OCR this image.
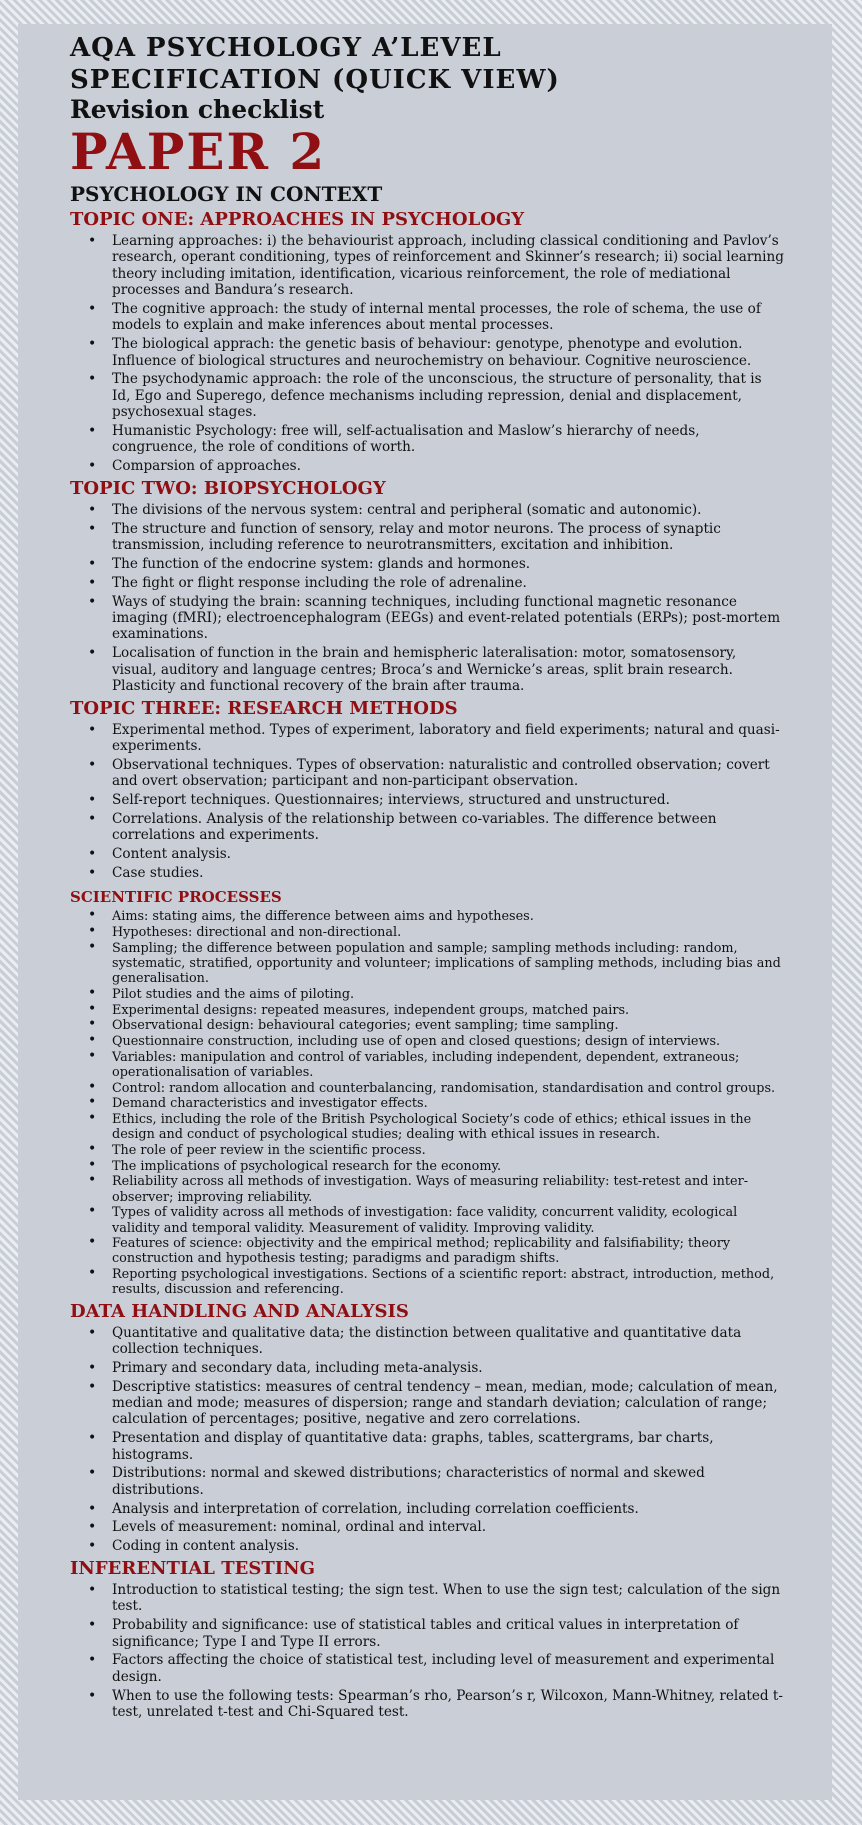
AQA PSYCHOLOGY A’LEVEL
SPECIFICATION (QUICK VIEW)
Revision checklist
PAPER 2
PSYCHOLOGY IN CONTEXT
TOPIC ONE: APPROACHES IN PSYCHOLOGY
• Learning approaches: i) the behaviourist approach, including classical conditioning and Pavlov’s research, operant conditioning, types of reinforcement and Skinner’s research; ii) social learning theory including imitation, identification, vicarious reinforcement, the role of mediational processes and Bandura’s research.
• The cognitive approach: the study of internal mental processes, the role of schema, the use of models to explain and make inferences about mental processes.
• The biological apprach: the genetic basis of behaviour: genotype, phenotype and evolution. Influence of biological structures and neurochemistry on behaviour. Cognitive neuroscience.
• The psychodynamic approach: the role of the unconscious, the structure of personality, that is Id, Ego and Superego, defence mechanisms including repression, denial and displacement, psychosexual stages.
• Humanistic Psychology: free will, self-actualisation and Maslow’s hierarchy of needs, congruence, the role of conditions of worth.
• Comparsion of approaches.
TOPIC TWO: BIOPSYCHOLOGY
• The divisions of the nervous system: central and peripheral (somatic and autonomic).
• The structure and function of sensory, relay and motor neurons. The process of synaptic transmission, including reference to neurotransmitters, excitation and inhibition.
• The function of the endocrine system: glands and hormones.
• The fight or flight response including the role of adrenaline.
• Ways of studying the brain: scanning techniques, including functional magnetic resonance imaging (fMRI); electroencephalogram (EEGs) and event-related potentials (ERPs); post-mortem examinations.
• Localisation of function in the brain and hemispheric lateralisation: motor, somatosensory, visual, auditory and language centres; Broca’s and Wernicke’s areas, split brain research. Plasticity and functional recovery of the brain after trauma.
TOPIC THREE: RESEARCH METHODS
• Experimental method. Types of experiment, laboratory and field experiments; natural and quasi-experiments.
• Observational techniques. Types of observation: naturalistic and controlled observation; covert and overt observation; participant and non-participant observation.
• Self-report techniques. Questionnaires; interviews, structured and unstructured.
• Correlations. Analysis of the relationship between co-variables. The difference between correlations and experiments.
• Content analysis.
• Case studies.
SCIENTIFIC PROCESSES
• Aims: stating aims, the difference between aims and hypotheses.
• Hypotheses: directional and non-directional.
• Sampling; the difference between population and sample; sampling methods including: random, systematic, stratified, opportunity and volunteer; implications of sampling methods, including bias and generalisation.
• Pilot studies and the aims of piloting.
• Experimental designs: repeated measures, independent groups, matched pairs.
• Observational design: behavioural categories; event sampling; time sampling.
• Questionnaire construction, including use of open and closed questions; design of interviews.
• Variables: manipulation and control of variables, including independent, dependent, extraneous; operationalisation of variables.
• Control: random allocation and counterbalancing, randomisation, standardisation and control groups.
• Demand characteristics and investigator effects.
• Ethics, including the role of the British Psychological Society’s code of ethics; ethical issues in the design and conduct of psychological studies; dealing with ethical issues in research.
• The role of peer review in the scientific process.
• The implications of psychological research for the economy.
• Reliability across all methods of investigation. Ways of measuring reliability: test-retest and inter-observer; improving reliability.
• Types of validity across all methods of investigation: face validity, concurrent validity, ecological validity and temporal validity. Measurement of validity. Improving validity.
• Features of science: objectivity and the empirical method; replicability and falsifiability; theory construction and hypothesis testing; paradigms and paradigm shifts.
• Reporting psychological investigations. Sections of a scientific report: abstract, introduction, method, results, discussion and referencing.
DATA HANDLING AND ANALYSIS
• Quantitative and qualitative data; the distinction between qualitative and quantitative data collection techniques.
• Primary and secondary data, including meta-analysis.
• Descriptive statistics: measures of central tendency – mean, median, mode; calculation of mean, median and mode; measures of dispersion; range and standarh deviation; calculation of range; calculation of percentages; positive, negative and zero correlations.
• Presentation and display of quantitative data: graphs, tables, scattergrams, bar charts, histograms.
• Distributions: normal and skewed distributions; characteristics of normal and skewed distributions.
• Analysis and interpretation of correlation, including correlation coefficients.
• Levels of measurement: nominal, ordinal and interval.
• Coding in content analysis.
INFERENTIAL TESTING
• Introduction to statistical testing; the sign test. When to use the sign test; calculation of the sign test.
• Probability and significance: use of statistical tables and critical values in interpretation of significance; Type I and Type II errors.
• Factors affecting the choice of statistical test, including level of measurement and experimental design.
• When to use the following tests: Spearman’s rho, Pearson’s r, Wilcoxon, Mann-Whitney, related t-test, unrelated t-test and Chi-Squared test.
